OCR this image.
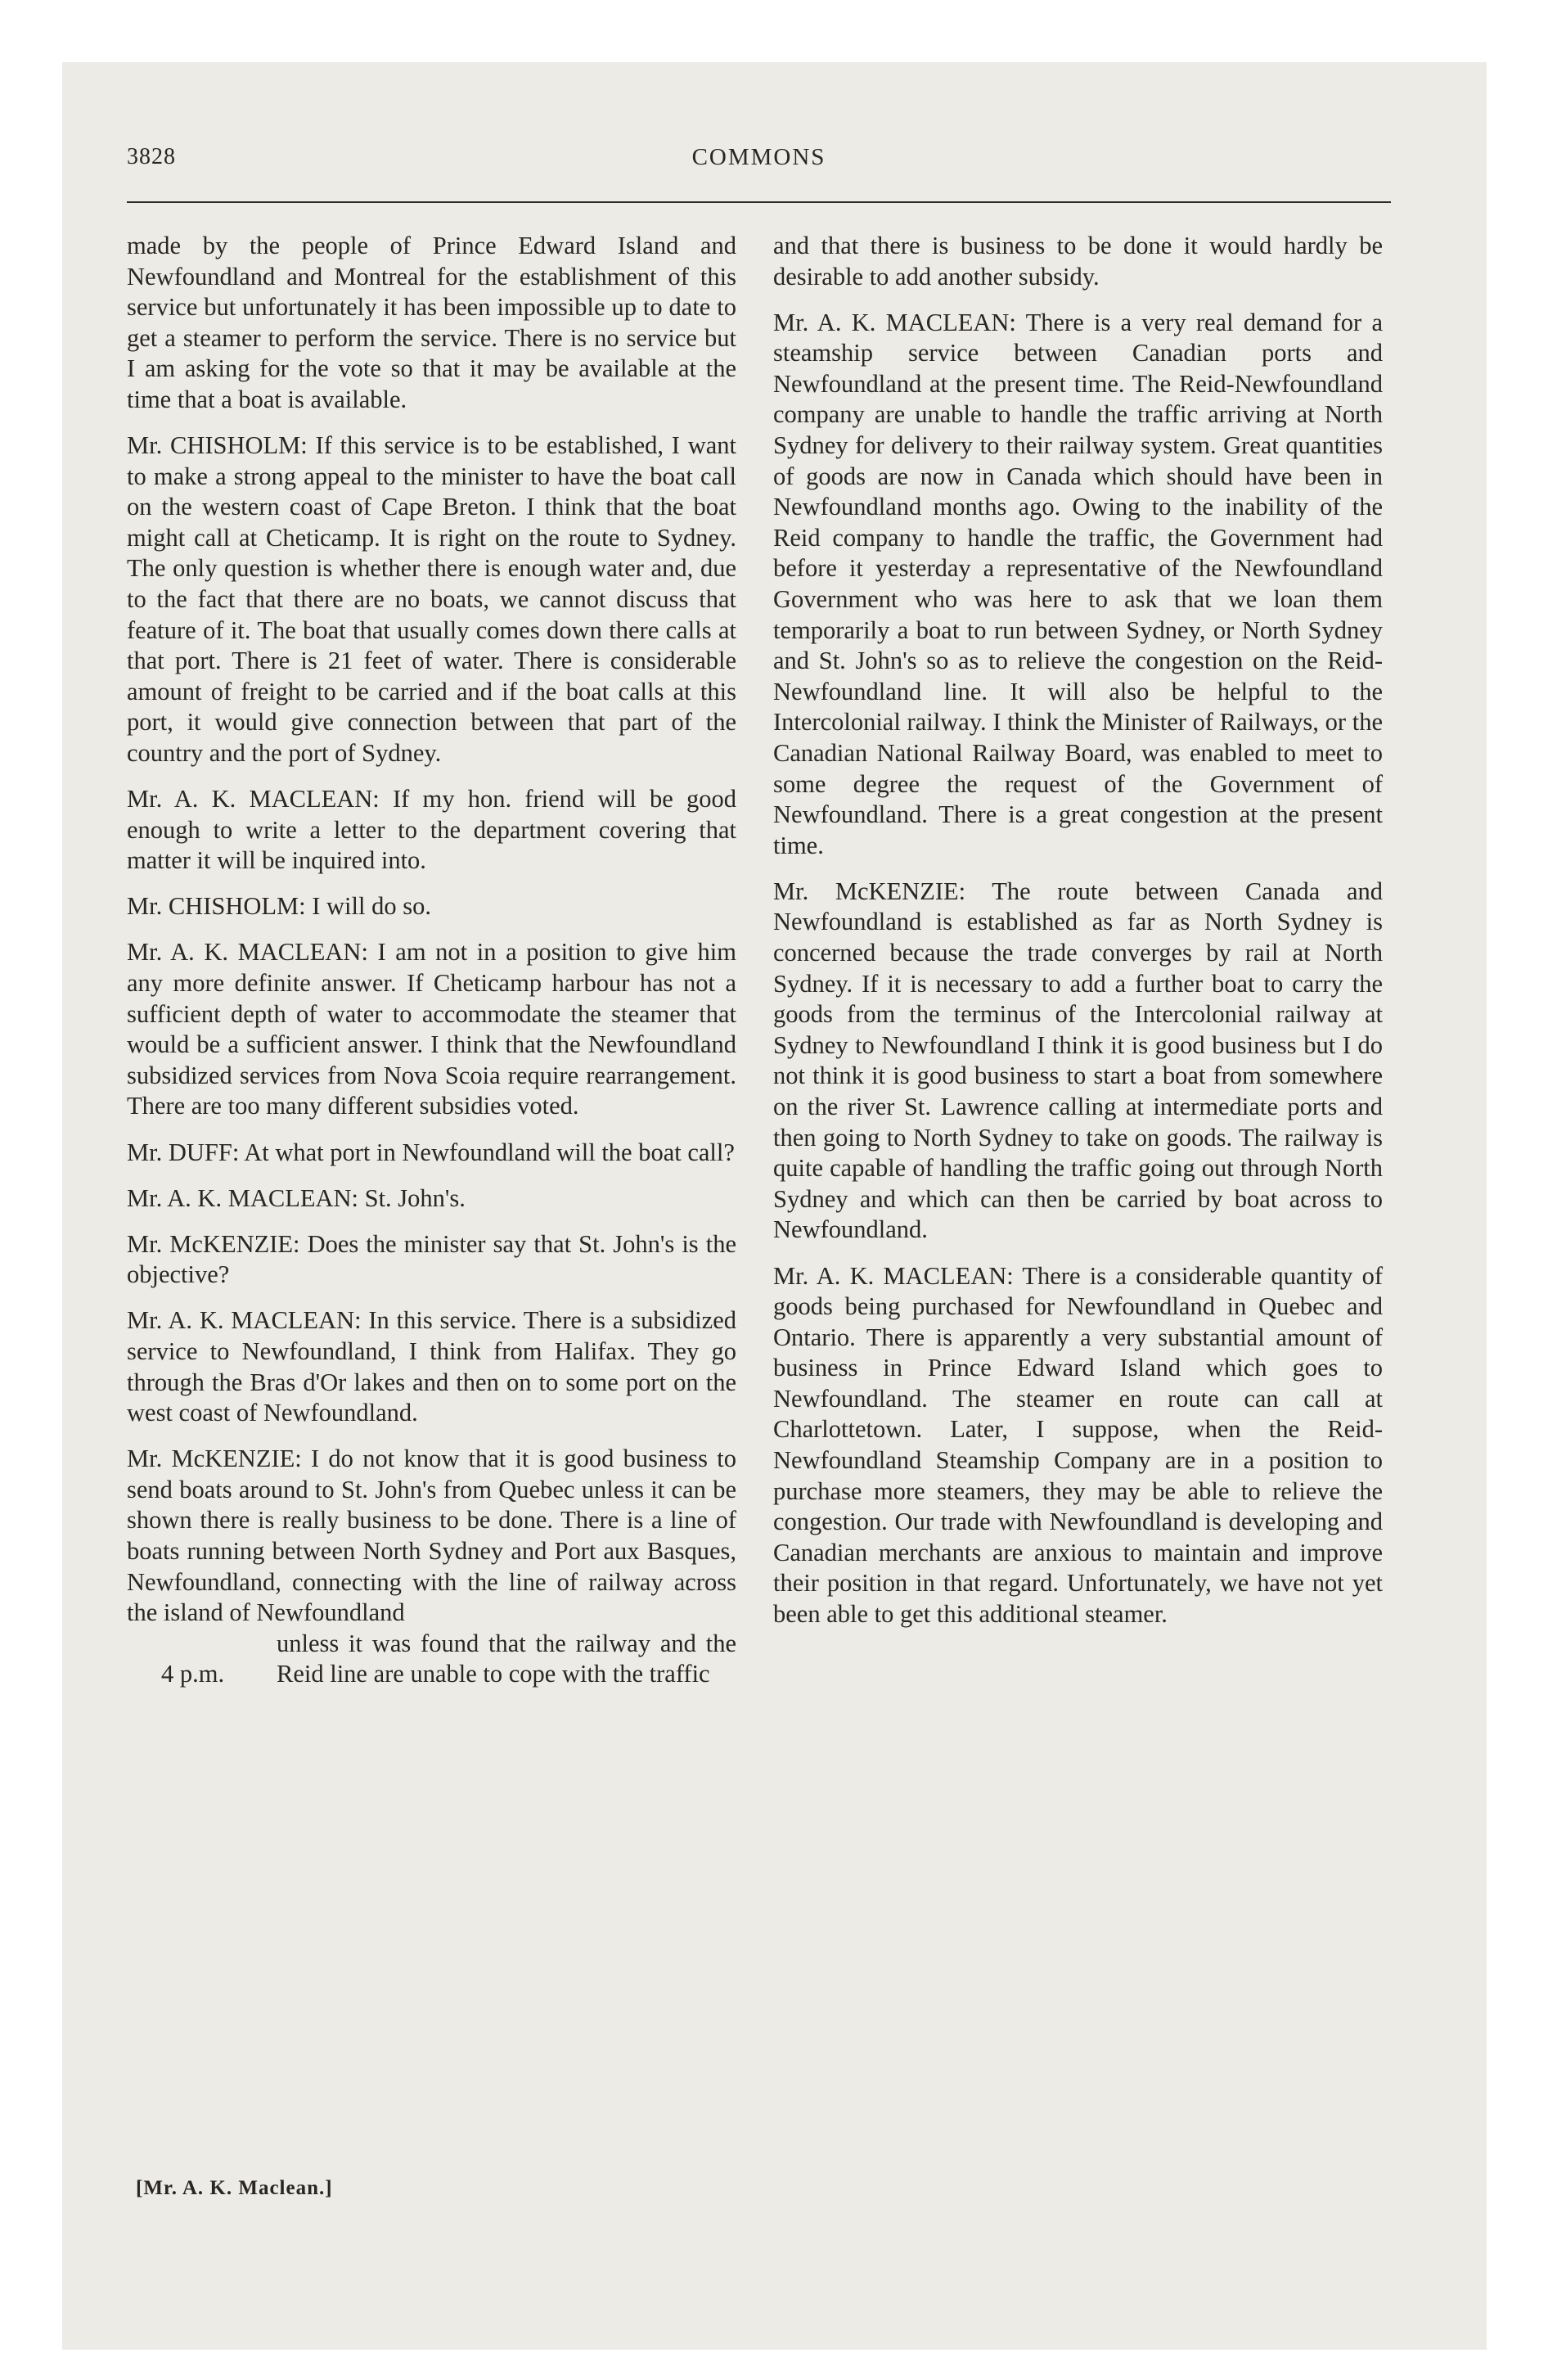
3828	COMMONS

made by the people of Prince Edward Island and Newfoundland and Montreal for the establishment of this service but unfortunately it has been impossible up to date to get a steamer to perform the service. There is no service but I am asking for the vote so that it may be available at the time that a boat is available.

Mr. CHISHOLM: If this service is to be established, I want to make a strong appeal to the minister to have the boat call on the western coast of Cape Breton. I think that the boat might call at Cheticamp. It is right on the route to Sydney. The only question is whether there is enough water and, due to the fact that there are no boats, we cannot discuss that feature of it. The boat that usually comes down there calls at that port. There is 21 feet of water. There is considerable amount of freight to be carried and if the boat calls at this port, it would give connection between that part of the country and the port of Sydney.

Mr. A. K. MACLEAN: If my hon. friend will be good enough to write a letter to the department covering that matter it will be inquired into.

Mr. CHISHOLM: I will do so.

Mr. A. K. MACLEAN: I am not in a position to give him any more definite answer. If Cheticamp harbour has not a sufficient depth of water to accommodate the steamer that would be a sufficient answer. I think that the Newfoundland subsidized services from Nova Scoia require rearrangement. There are too many different subsidies voted.

Mr. DUFF: At what port in Newfoundland will the boat call?

Mr. A. K. MACLEAN: St. John's.

Mr. McKENZIE: Does the minister say that St. John's is the objective?

Mr. A. K. MACLEAN: In this service. There is a subsidized service to Newfoundland, I think from Halifax. They go through the Bras d'Or lakes and then on to some port on the west coast of Newfoundland.

Mr. McKENZIE: I do not know that it is good business to send boats around to St. John's from Quebec unless it can be shown there is really business to be done. There is a line of boats running between North Sydney and Port aux Basques, Newfoundland, connecting with the line of railway across the island of Newfoundland

unless it was found that the railway and the Reid line are unable to cope with the traffic
4 p.m.

and that there is business to be done it would hardly be desirable to add another subsidy.

Mr. A. K. MACLEAN: There is a very real demand for a steamship service between Canadian ports and Newfoundland at the present time. The Reid-Newfoundland company are unable to handle the traffic arriving at North Sydney for delivery to their railway system. Great quantities of goods are now in Canada which should have been in Newfoundland months ago. Owing to the inability of the Reid company to handle the traffic, the Government had before it yesterday a representative of the Newfoundland Government who was here to ask that we loan them temporarily a boat to run between Sydney, or North Sydney and St. John's so as to relieve the congestion on the Reid-Newfoundland line. It will also be helpful to the Intercolonial railway. I think the Minister of Railways, or the Canadian National Railway Board, was enabled to meet to some degree the request of the Government of Newfoundland. There is a great congestion at the present time.

Mr. McKENZIE: The route between Canada and Newfoundland is established as far as North Sydney is concerned because the trade converges by rail at North Sydney. If it is necessary to add a further boat to carry the goods from the terminus of the Intercolonial railway at Sydney to Newfoundland I think it is good business but I do not think it is good business to start a boat from somewhere on the river St. Lawrence calling at intermediate ports and then going to North Sydney to take on goods. The railway is quite capable of handling the traffic going out through North Sydney and which can then be carried by boat across to Newfoundland.

Mr. A. K. MACLEAN: There is a considerable quantity of goods being purchased for Newfoundland in Quebec and Ontario. There is apparently a very substantial amount of business in Prince Edward Island which goes to Newfoundland. The steamer en route can call at Charlottetown. Later, I suppose, when the Reid-Newfoundland Steamship Company are in a position to purchase more steamers, they may be able to relieve the congestion. Our trade with Newfoundland is developing and Canadian merchants are anxious to maintain and improve their position in that regard. Unfortunately, we have not yet been able to get this additional steamer.

[Mr. A. K. Maclean.]
